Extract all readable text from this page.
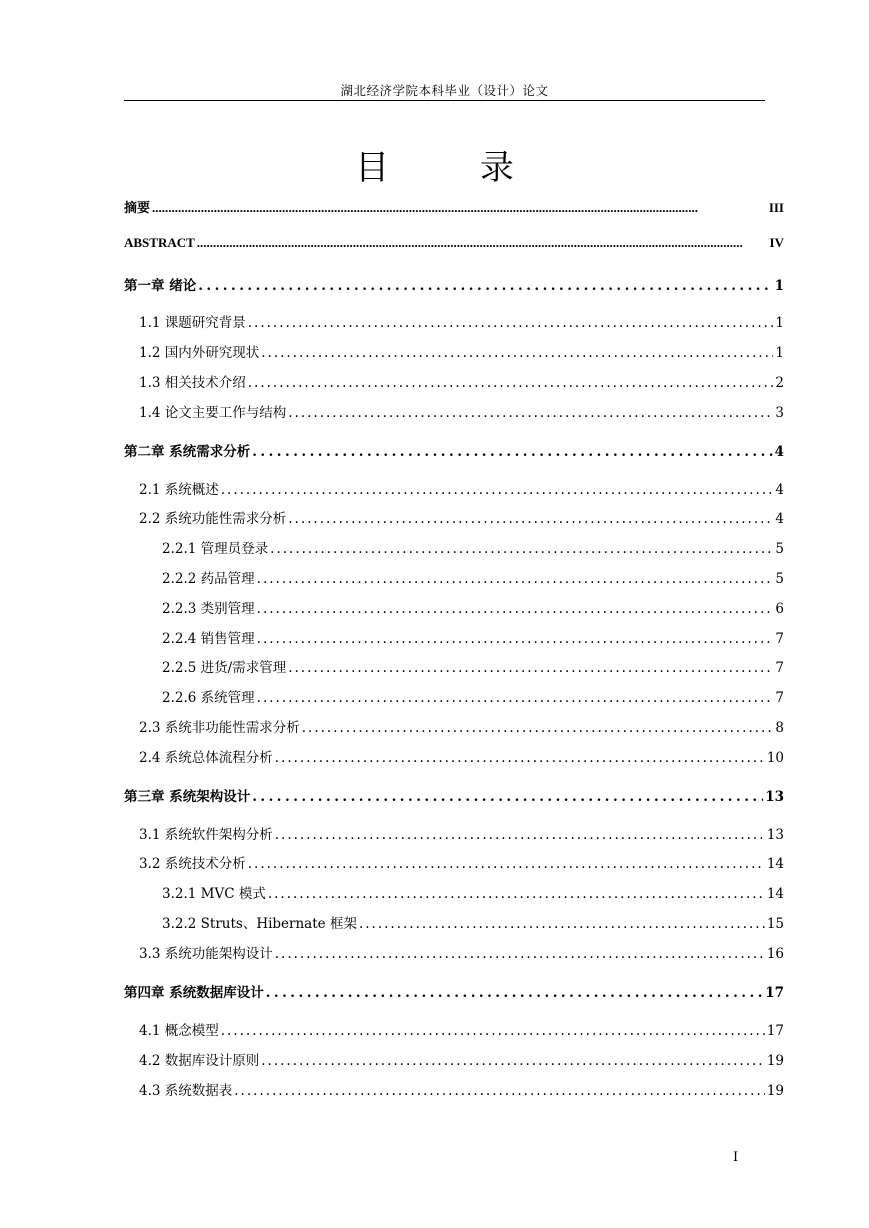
湖北经济学院本科毕业（设计）论文
目 录
摘要 .....	III
ABSTRACT .....	IV
第一章 绪论 .....	1
1.1 课题研究背景 .....	1
1.2 国内外研究现状 .....	1
1.3 相关技术介绍 .....	2
1.4 论文主要工作与结构 .....	3
第二章 系统需求分析 .....	4
2.1 系统概述 .....	4
2.2 系统功能性需求分析 .....	4
2.2.1 管理员登录 .....	5
2.2.2 药品管理 .....	5
2.2.3 类别管理 .....	6
2.2.4 销售管理 .....	7
2.2.5 进货/需求管理 .....	7
2.2.6 系统管理 .....	7
2.3 系统非功能性需求分析 .....	8
2.4 系统总体流程分析 .....	10
第三章 系统架构设计 .....	13
3.1 系统软件架构分析 .....	13
3.2 系统技术分析 .....	14
3.2.1 MVC 模式 .....	14
3.2.2 Struts、Hibernate 框架 .....	15
3.3 系统功能架构设计 .....	16
第四章 系统数据库设计 .....	17
4.1 概念模型 .....	17
4.2 数据库设计原则 .....	19
4.3 系统数据表 .....	19
I
